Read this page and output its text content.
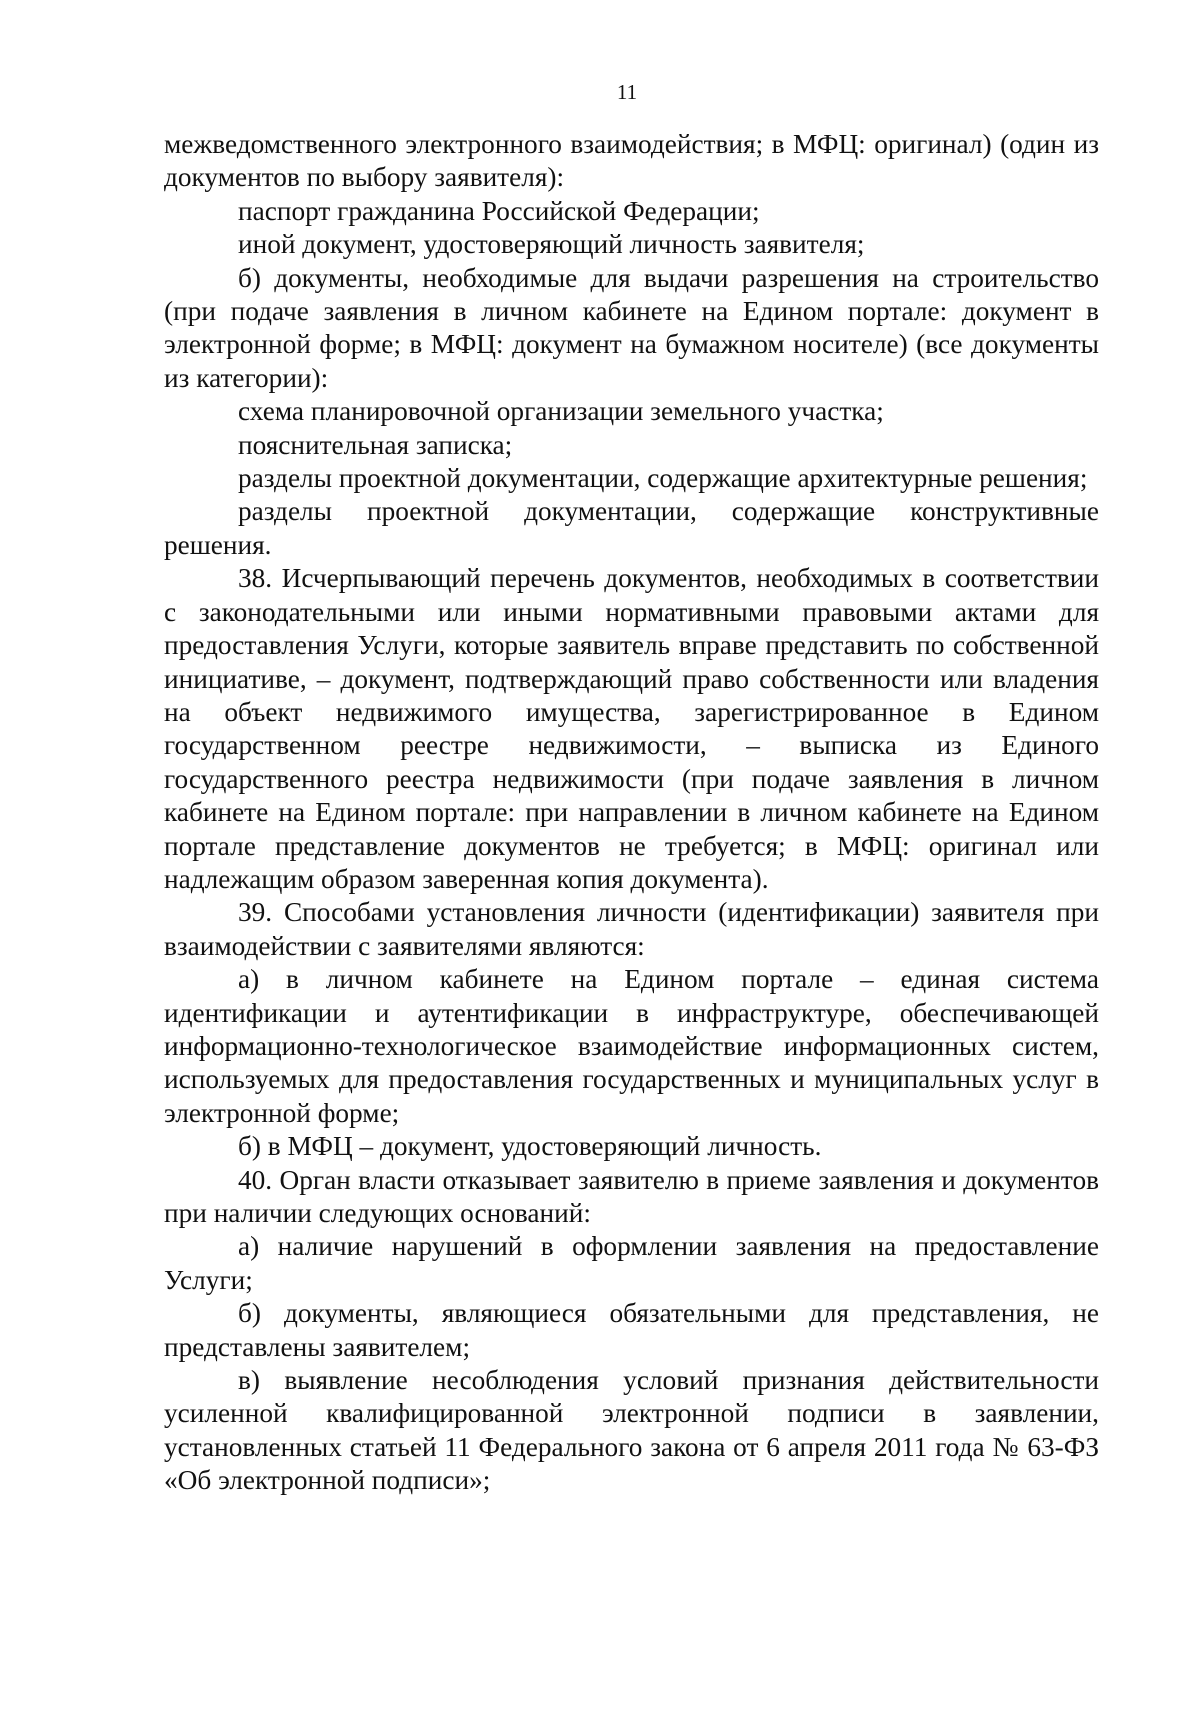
11

межведомственного электронного взаимодействия; в МФЦ: оригинал) (один из документов по выбору заявителя):

паспорт гражданина Российской Федерации;

иной документ, удостоверяющий личность заявителя;

б) документы, необходимые для выдачи разрешения на строительство (при подаче заявления в личном кабинете на Едином портале: документ в электронной форме; в МФЦ: документ на бумажном носителе) (все документы из категории):

схема планировочной организации земельного участка;

пояснительная записка;

разделы проектной документации, содержащие архитектурные решения;

разделы проектной документации, содержащие конструктивные решения.

38. Исчерпывающий перечень документов, необходимых в соответствии с законодательными или иными нормативными правовыми актами для предоставления Услуги, которые заявитель вправе представить по собственной инициативе, – документ, подтверждающий право собственности или владения на объект недвижимого имущества, зарегистрированное в Едином государственном реестре недвижимости, – выписка из Единого государственного реестра недвижимости (при подаче заявления в личном кабинете на Едином портале: при направлении в личном кабинете на Едином портале представление документов не требуется; в МФЦ: оригинал или надлежащим образом заверенная копия документа).

39. Способами установления личности (идентификации) заявителя при взаимодействии с заявителями являются:

а) в личном кабинете на Едином портале – единая система идентификации и аутентификации в инфраструктуре, обеспечивающей информационно-технологическое взаимодействие информационных систем, используемых для предоставления государственных и муниципальных услуг в электронной форме;

б) в МФЦ – документ, удостоверяющий личность.

40. Орган власти отказывает заявителю в приеме заявления и документов при наличии следующих оснований:

а) наличие нарушений в оформлении заявления на предоставление Услуги;

б) документы, являющиеся обязательными для представления, не представлены заявителем;

в) выявление несоблюдения условий признания действительности усиленной квалифицированной электронной подписи в заявлении, установленных статьей 11 Федерального закона от 6 апреля 2011 года № 63-ФЗ «Об электронной подписи»;
